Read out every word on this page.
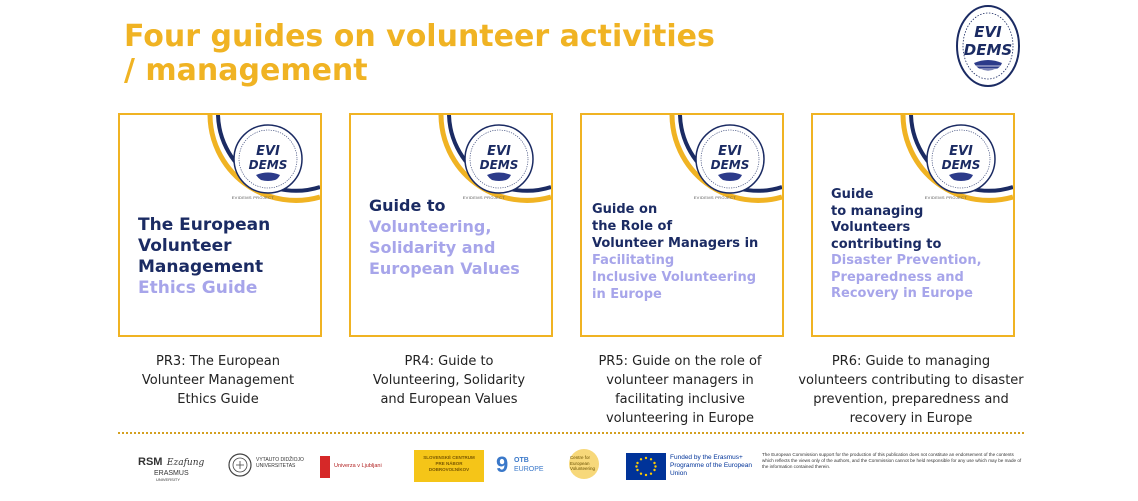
Four guides on volunteer activities / management
EVI
DEMS
EVI
DEMS
EVIDEMS PROJECT
The European
Volunteer
Management
Ethics Guide
EVI
DEMS
EVIDEMS PROJECT
Guide to
Volunteering,
Solidarity and
European Values
EVI
DEMS
EVIDEMS PROJECT
Guide on
the Role of
Volunteer Managers in
Facilitating
Inclusive Volunteering
in Europe
EVI
DEMS
EVIDEMS PROJECT
Guide
to managing
Volunteers
contributing to
Disaster Prevention,
Preparedness and
Recovery in Europe
PR3: The European
Volunteer Management
Ethics Guide
PR4: Guide to
Volunteering, Solidarity
and European Values
PR5: Guide on the role of
volunteer managers in
facilitating inclusive
volunteering in Europe
PR6: Guide to managing
volunteers contributing to disaster
prevention, preparedness and
recovery in Europe
RSM Ezafung
ERASMUS
UNIVERSITY
VYTAUTO DIDŽIOJO UNIVERSITETAS	Univerza v Ljubljani
SLOVENSKÉ CENTRUM PRE NÁBOR DOBROVOĽNÍKOV	9 OTB
EUROPE
Centre for European Volunteering
Funded by the Erasmus+ Programme of the European Union
The European Commission support for the production of this publication does not constitute an endorsement of the contents which reflects the views only of the authors, and the Commission cannot be held responsible for any use which may be made of the information contained therein.
